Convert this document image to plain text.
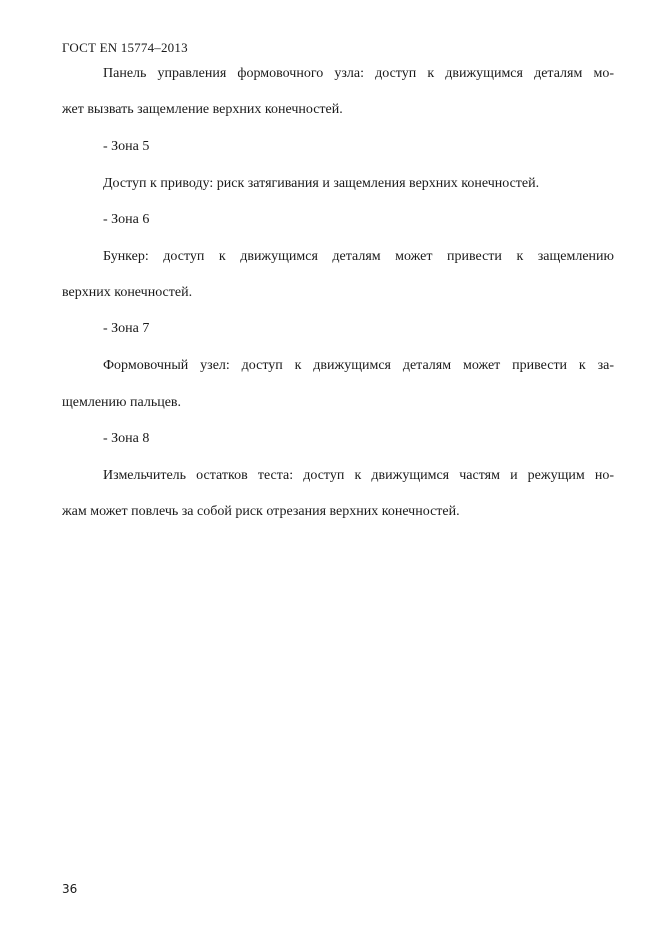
ГОСТ EN 15774–2013
Панель управления формовочного узла: доступ к движущимся деталям мо-
жет вызвать защемление верхних конечностей.
- Зона 5
Доступ к приводу: риск затягивания и защемления верхних конечностей.
- Зона 6
Бункер: доступ к движущимся деталям может привести к защемлению
верхних конечностей.
- Зона 7
Формовочный узел: доступ к движущимся деталям может привести к за-
щемлению пальцев.
- Зона 8
Измельчитель остатков теста: доступ к движущимся частям и режущим но-
жам может повлечь за собой риск отрезания верхних конечностей.
36
